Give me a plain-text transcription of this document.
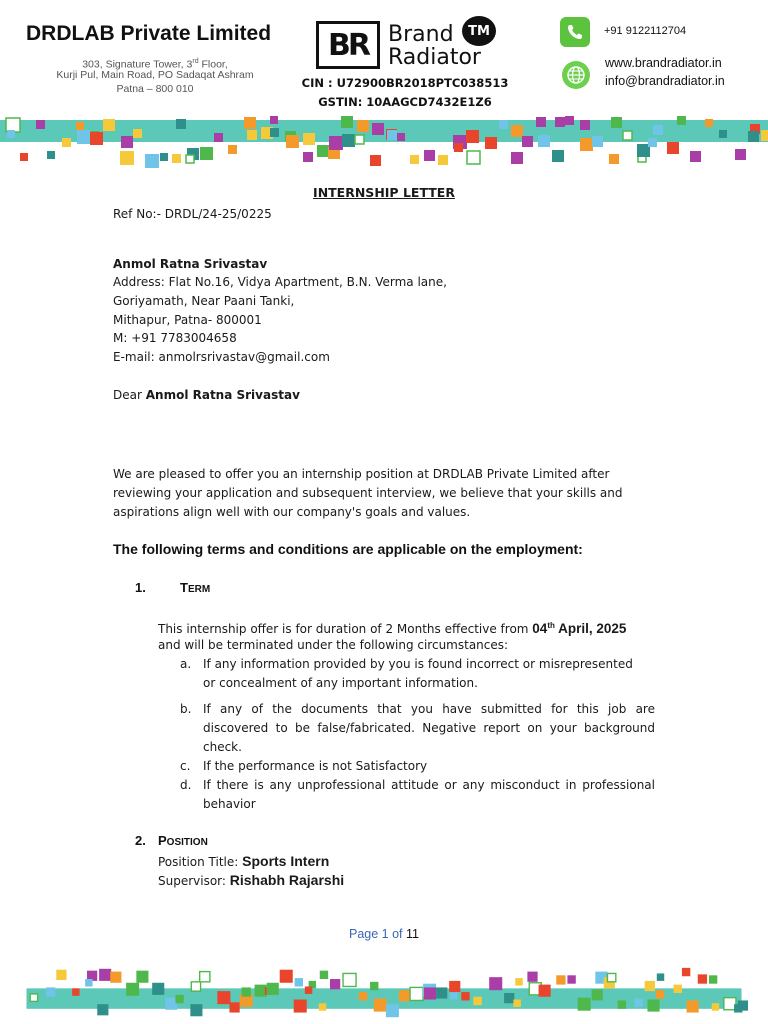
DRDLAB Private Limited
303, Signature Tower, 3rd Floor,
Kurji Pul, Main Road, PO Sadaqat Ashram
Patna – 800 010
BR Brand
Radiator
TM
CIN : U72900BR2018PTC038513
GSTIN: 10AAGCD7432E1Z6
+91 9122112704
www.brandradiator.in
info@brandradiator.in
INTERNSHIP LETTER
Ref No:- DRDL/24-25/0225
Anmol Ratna Srivastav
Address: Flat No.16, Vidya Apartment, B.N. Verma lane,
Goriyamath, Near Paani Tanki,
Mithapur, Patna- 800001
M: +91 7783004658
E-mail: anmolrsrivastav@gmail.com
Dear Anmol Ratna Srivastav
We are pleased to offer you an internship position at DRDLAB Private Limited after
reviewing your application and subsequent interview, we believe that your skills and
aspirations align well with our company's goals and values.
The following terms and conditions are applicable on the employment:
1.	TERM
This internship offer is for duration of 2 Months effective from 04th April, 2025
and will be terminated under the following circumstances:
a. If any information provided by you is found incorrect or misrepresented
or concealment of any important information.
b. If any of the documents that you have submitted for this job are
discovered to be false/fabricated. Negative report on your background
check.
c. If the performance is not Satisfactory
d. If there is any unprofessional attitude or any misconduct in professional
behavior
2. POSITION
Position Title: Sports Intern
Supervisor: Rishabh Rajarshi
Page 1 of 11
